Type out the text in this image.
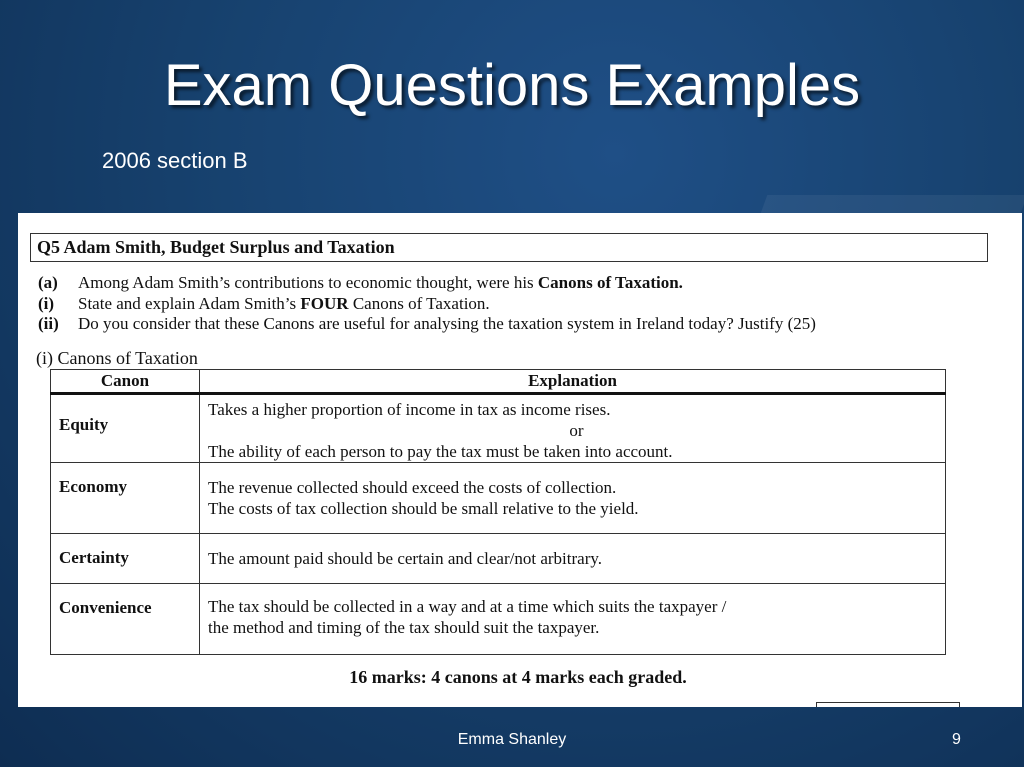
Exam Questions Examples
2006 section B
Q5 Adam Smith, Budget Surplus and Taxation
(a) Among Adam Smith’s contributions to economic thought, were his Canons of Taxation.
(i) State and explain Adam Smith’s FOUR Canons of Taxation.
(ii) Do you consider that these Canons are useful for analysing the taxation system in Ireland today? Justify (25)
(i) Canons of Taxation
Canon	Explanation
Equity	Takes a higher proportion of income in tax as income rises.
or
The ability of each person to pay the tax must be taken into account.

Economy	The revenue collected should exceed the costs of collection.
The costs of tax collection should be small relative to the yield.

Certainty	The amount paid should be certain and clear/not arbitrary.

Convenience	The tax should be collected in a way and at a time which suits the taxpayer /
the method and timing of the tax should suit the taxpayer.
16 marks: 4 canons at 4 marks each graded.
Emma Shanley	9
